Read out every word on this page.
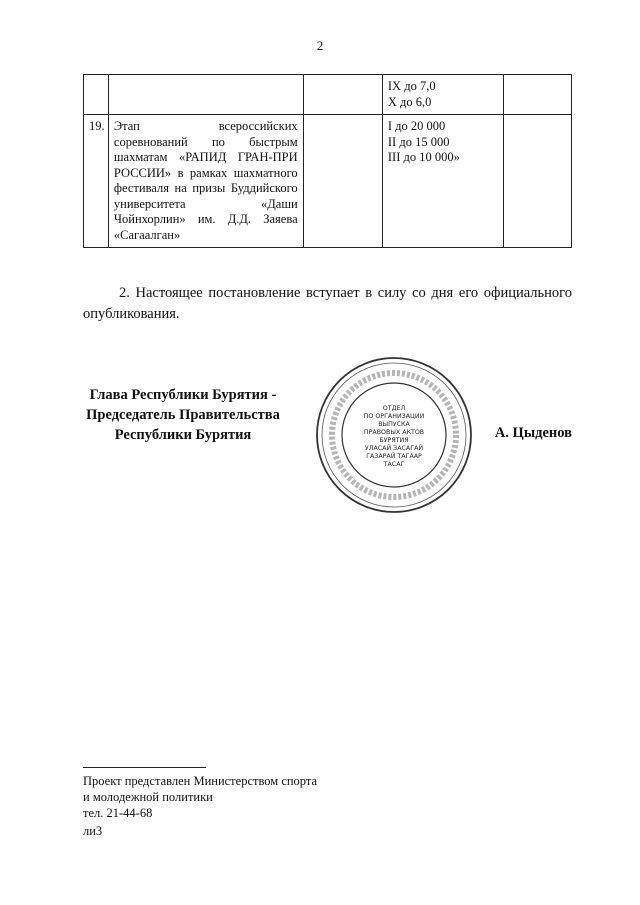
2

			IX до 7,0
X до 6,0	

19.	Этап всероссийских соревнований по быстрым шахматам «РАПИД ГРАН-ПРИ РОССИИ» в рамках шахматного фестиваля на призы Буддийского университета «Даши Чойнхорлин» им. Д.Д. Заяева «Сагаалган»		I до 20 000
II до 15 000
III до 10 000»	

2. Настоящее постановление вступает в силу со дня его официального опубликования.
Глава Республики Бурятия -
Председатель Правительства
Республики Бурятия
ОТДЕЛ
ПО ОРГАНИЗАЦИИ
ВЫПУСКА
ПРАВОВЫХ АКТОВ
БУРЯТИЯ
УЛАСАЙ ЗАСАГАЙ
ГАЗАРАЙ ТАГААР
ТАСАГ
А. Цыденов
Проект представлен Министерством спорта
и молодежной политики
тел. 21-44-68
ли3
